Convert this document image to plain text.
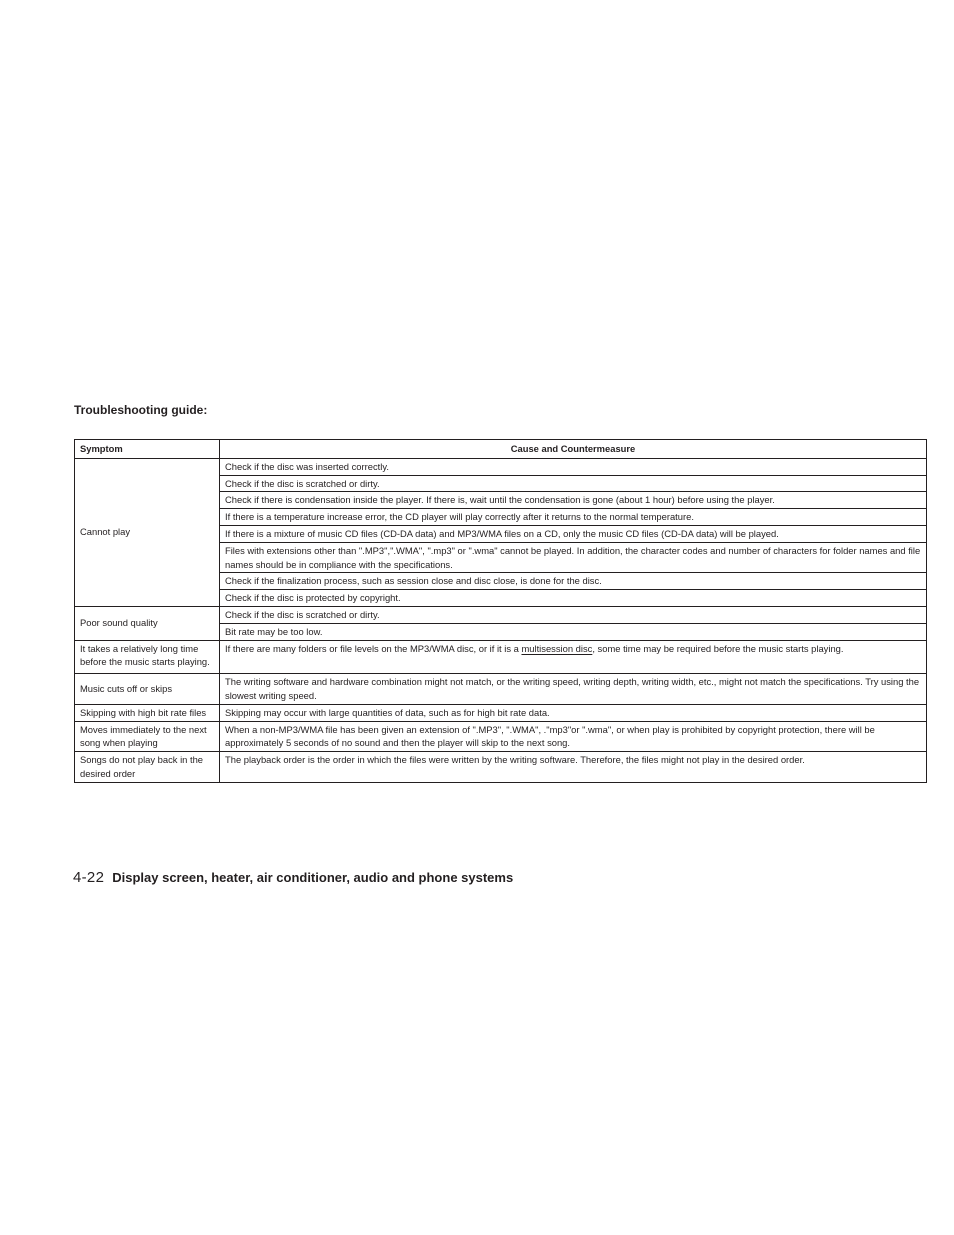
Troubleshooting guide:
Symptom	Cause and Countermeasure
Cannot play	Check if the disc was inserted correctly.
	Check if the disc is scratched or dirty.
	Check if there is condensation inside the player. If there is, wait until the condensation is gone (about 1 hour) before using the player.
	If there is a temperature increase error, the CD player will play correctly after it returns to the normal temperature.
	If there is a mixture of music CD files (CD-DA data) and MP3/WMA files on a CD, only the music CD files (CD-DA data) will be played.
	Files with extensions other than ".MP3",".WMA", ".mp3" or ".wma" cannot be played. In addition, the character codes and number of characters for folder names and file names should be in compliance with the specifications.
	Check if the finalization process, such as session close and disc close, is done for the disc.
	Check if the disc is protected by copyright.
Poor sound quality	Check if the disc is scratched or dirty.
	Bit rate may be too low.
It takes a relatively long time before the music starts playing.	If there are many folders or file levels on the MP3/WMA disc, or if it is a multisession disc, some time may be required before the music starts playing.
Music cuts off or skips	The writing software and hardware combination might not match, or the writing speed, writing depth, writing width, etc., might not match the specifications. Try using the slowest writing speed.
Skipping with high bit rate files	Skipping may occur with large quantities of data, such as for high bit rate data.
Moves immediately to the next song when playing	When a non-MP3/WMA file has been given an extension of ".MP3", ".WMA", ."mp3"or ".wma", or when play is prohibited by copyright protection, there will be approximately 5 seconds of no sound and then the player will skip to the next song.
Songs do not play back in the desired order	The playback order is the order in which the files were written by the writing software. Therefore, the files might not play in the desired order.
4-22 Display screen, heater, air conditioner, audio and phone systems
